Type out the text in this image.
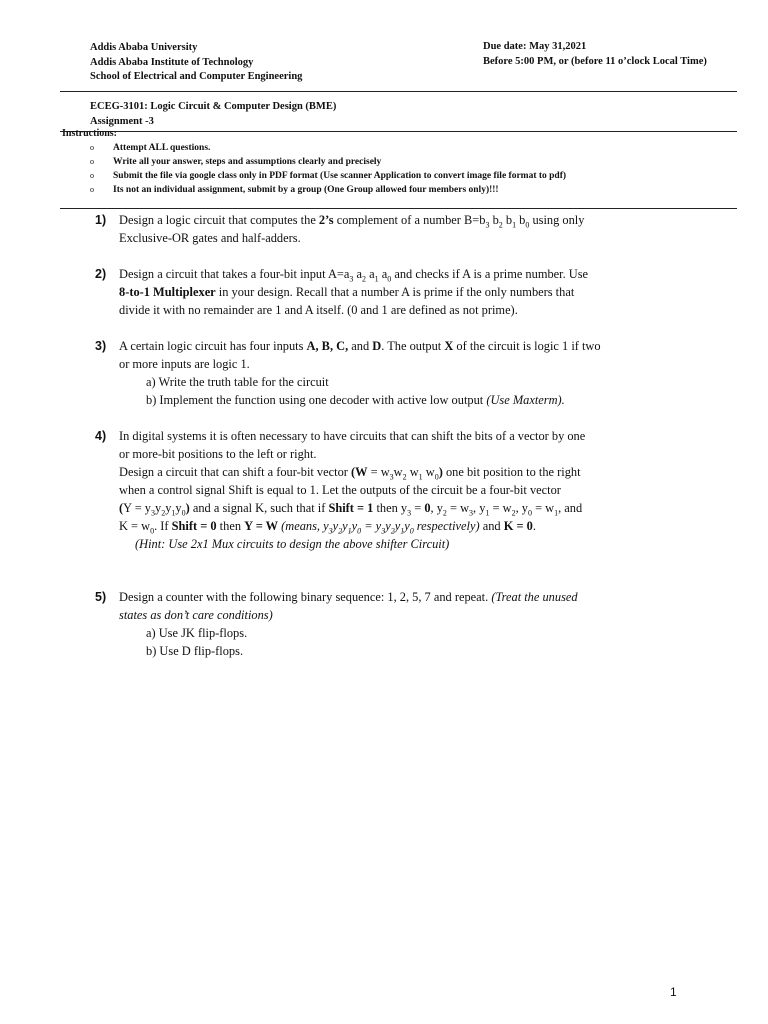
Addis Ababa University
Addis Ababa Institute of Technology
School of Electrical and Computer Engineering
Due date: May 31,2021
Before 5:00 PM, or (before 11 o’clock Local Time)
ECEG-3101: Logic Circuit & Computer Design (BME)
Assignment -3
Instructions:
o Attempt ALL questions.
o Write all your answer, steps and assumptions clearly and precisely
o Submit the file via google class only in PDF format (Use scanner Application to convert image file format to pdf)
o Its not an individual assignment, submit by a group (One Group allowed four members only)!!!
1) Design a logic circuit that computes the 2’s complement of a number $B=b_3$ $b_2$ $b_1$ $b_0$ using only
Exclusive-OR gates and half-adders.
2) Design a circuit that takes a four-bit input $A=a_3$ $a_2$ $a_1$ $a_0$ and checks if A is a prime number. Use
8-to-1 Multiplexer in your design. Recall that a number A is prime if the only numbers that
divide it with no remainder are 1 and A itself. (0 and 1 are defined as not prime).
3) A certain logic circuit has four inputs A, B, C, and D. The output X of the circuit is logic 1 if two
or more inputs are logic 1.
a) Write the truth table for the circuit
b) Implement the function using one decoder with active low output (Use Maxterm).
4) In digital systems it is often necessary to have circuits that can shift the bits of a vector by one
or more-bit positions to the left or right.
Design a circuit that can shift a four-bit vector ($W = w_3w_2$ $w_1$ $w_0$) one bit position to the right
when a control signal Shift is equal to 1. Let the outputs of the circuit be a four-bit vector
$(Y = y_3y_2y_1y_0)$ and a signal K, such that if Shift = 1 then $y_3 = 0$, $y_2 = w_3$, $y_1 = w_2$, $y_0 = w_1$, and
$K = w_0$. If Shift = 0 then Y = W (means, $y_3y_2y_1y_0 = y_3y_2y_1y_0$ respectively) and K = 0.
(Hint: Use 2x1 Mux circuits to design the above shifter Circuit)
5) Design a counter with the following binary sequence: 1, 2, 5, 7 and repeat. (Treat the unused
states as don’t care conditions)
a) Use JK flip-flops.
b) Use D flip-flops.
1
